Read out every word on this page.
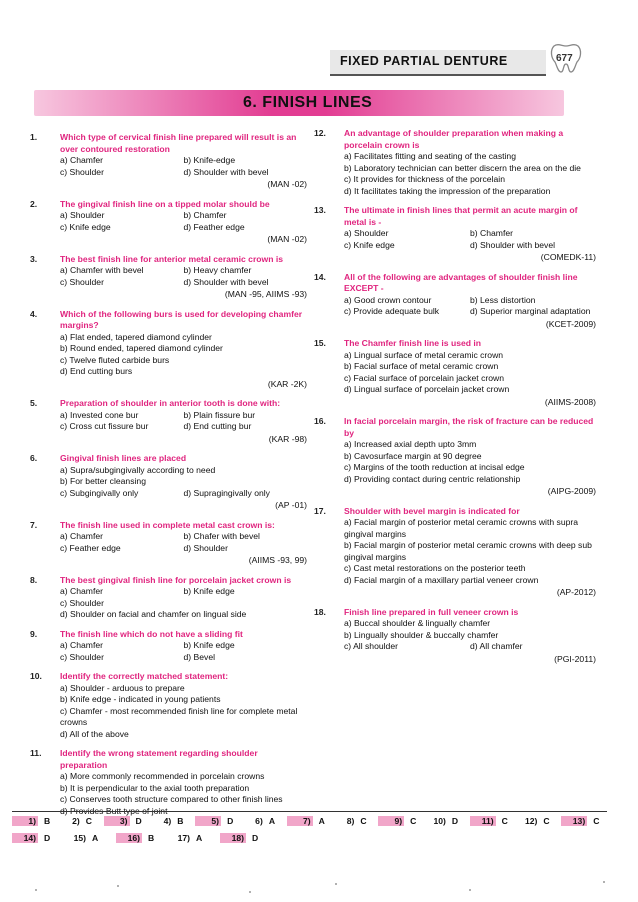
FIXED PARTIAL DENTURE	677
6. FINISH LINES
1.	Which type of cervical finish line prepared will result is an over contoured restoration
a) Chamfer	b) Knife-edge
c) Shoulder	d) Shoulder with bevel
(MAN -02)
2.	The gingival finish line on a tipped molar should be
a) Shoulder	b) Chamfer
c) Knife edge	d) Feather edge
(MAN -02)
3.	The best finish line for anterior metal ceramic crown is
a) Chamfer with bevel	b) Heavy chamfer
c) Shoulder	d) Shoulder with bevel
(MAN -95, AIIMS -93)
4.	Which of the following burs is used for developing chamfer margins?
a) Flat ended, tapered diamond cylinder
b) Round ended, tapered diamond cylinder
c) Twelve fluted carbide burs
d) End cutting burs
(KAR -2K)
5.	Preparation of shoulder in anterior tooth is done with:
a) Invested cone bur	b) Plain fissure bur
c) Cross cut fissure bur	d) End cutting bur
(KAR -98)
6.	Gingival finish lines are placed
a) Supra/subgingivally according to need
b) For better cleansing
c) Subgingivally only	d) Supragingivally only
(AP -01)
7.	The finish line used in complete metal cast crown is:
a) Chamfer	b) Chafer with bevel
c) Feather edge	d) Shoulder
(AIIMS -93, 99)
8.	The best gingival finish line for porcelain jacket crown is
a) Chamfer	b) Knife edge
c) Shoulder
d) Shoulder on facial and chamfer on lingual side
9.	The finish line which do not have a sliding fit
a) Chamfer	b) Knife edge
c) Shoulder	d) Bevel
10. Identify the correctly matched statement:
a) Shoulder - arduous to prepare
b) Knife edge - indicated in young patients
c) Chamfer - most recommended finish line for complete metal crowns
d) All of the above
11. Identify the wrong statement regarding shoulder preparation
a) More commonly recommended in porcelain crowns
b) It is perpendicular to the axial tooth preparation
c) Conserves tooth structure compared to other finish lines
d) Provides Butt type of joint
12. An advantage of shoulder preparation when making a porcelain crown is
a) Facilitates fitting and seating of the casting
b) Laboratory technician can better discern the area on the die
c) It provides for thickness of the porcelain
d) It facilitates taking the impression of the preparation
13. The ultimate in finish lines that permit an acute margin of metal is -
a) Shoulder	b) Chamfer
c) Knife edge	d) Shoulder with bevel
(COMEDK-11)
14. All of the following are advantages of shoulder finish line EXCEPT -
a) Good crown contour	b) Less distortion
c) Provide adequate bulk	d) Superior marginal adaptation
(KCET-2009)
15. The Chamfer finish line is used in
a) Lingual surface of metal ceramic crown
b) Facial surface of metal ceramic crown
c) Facial surface of porcelain jacket crown
d) Lingual surface of porcelain jacket crown
(AIIMS-2008)
16. In facial porcelain margin, the risk of fracture can be reduced by
a) Increased axial depth upto 3mm
b) Cavosurface margin at 90 degree
c) Margins of the tooth reduction at incisal edge
d) Providing contact during centric relationship
(AIPG-2009)
17. Shoulder with bevel margin is indicated for
a) Facial margin of posterior metal ceramic crowns with supra gingival margins
b) Facial margin of posterior metal ceramic crowns with deep sub gingival margins
c) Cast metal restorations on the posterior teeth
d) Facial margin of a maxillary partial veneer crown
(AP-2012)
18. Finish line prepared in full veneer crown is
a) Buccal shoulder & lingually chamfer
b) Lingually shoulder & buccally chamfer
c) All shoulder	d) All chamfer
(PGI-2011)
1) B	2) C	3) D	4) B	5) D	6) A	7) A	8) C	9) C	10) D	11) C	12) C	13) C
14) D	15) A	16) B	17) A	18) D
